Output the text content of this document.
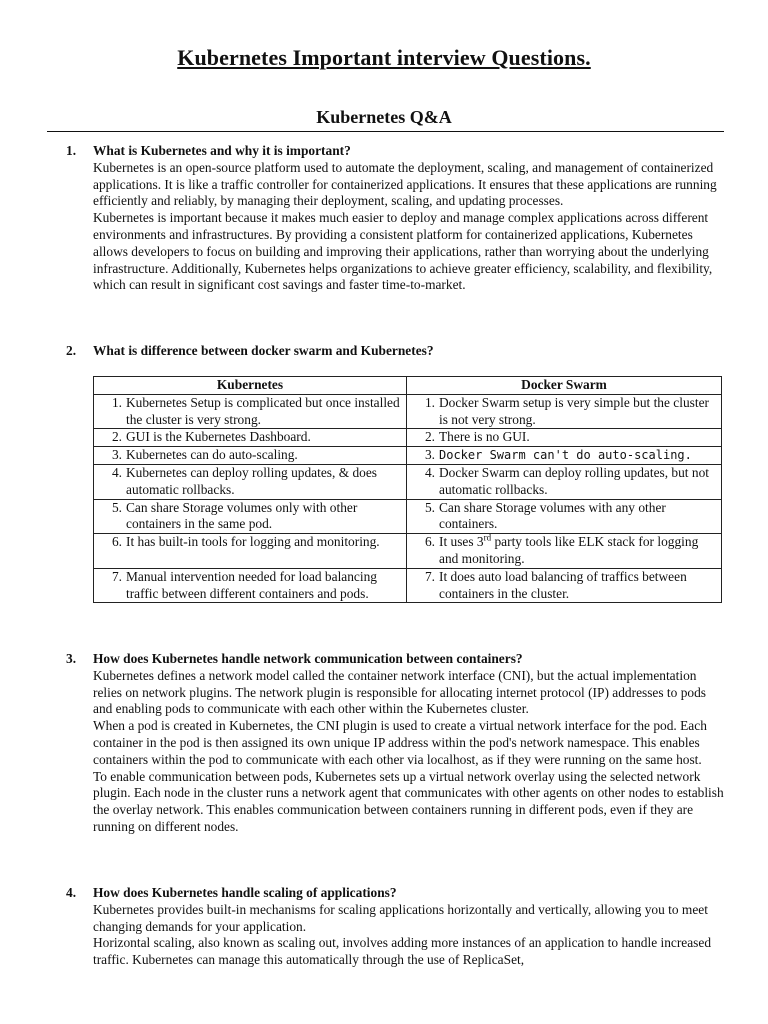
Kubernetes Important interview Questions.
Kubernetes Q&A
1. What is Kubernetes and why it is important?

Kubernetes is an open-source platform used to automate the deployment, scaling, and management of containerized applications. It is like a traffic controller for containerized applications. It ensures that these applications are running efficiently and reliably, by managing their deployment, scaling, and updating processes.

Kubernetes is important because it makes much easier to deploy and manage complex applications across different environments and infrastructures. By providing a consistent platform for containerized applications, Kubernetes allows developers to focus on building and improving their applications, rather than worrying about the underlying infrastructure. Additionally, Kubernetes helps organizations to achieve greater efficiency, scalability, and flexibility, which can result in significant cost savings and faster time-to-market.

2. What is difference between docker swarm and Kubernetes?
Kubernetes	Docker Swarm

1. Kubernetes Setup is complicated but once installed the cluster is very strong.	1. Docker Swarm setup is very simple but the cluster is not very strong.

2. GUI is the Kubernetes Dashboard.	2. There is no GUI.

3. Kubernetes can do auto-scaling.	3. Docker Swarm can't do auto-scaling.

4. Kubernetes can deploy rolling updates, & does automatic rollbacks.	4. Docker Swarm can deploy rolling updates, but not automatic rollbacks.

5. Can share Storage volumes only with other containers in the same pod.	5. Can share Storage volumes with any other containers.

6. It has built-in tools for logging and monitoring.	6. It uses 3rd party tools like ELK stack for logging and monitoring.

7. Manual intervention needed for load balancing traffic between different containers and pods.	7. It does auto load balancing of traffics between containers in the cluster.
3. How does Kubernetes handle network communication between containers?

Kubernetes defines a network model called the container network interface (CNI), but the actual implementation relies on network plugins. The network plugin is responsible for allocating internet protocol (IP) addresses to pods and enabling pods to communicate with each other within the Kubernetes cluster.

When a pod is created in Kubernetes, the CNI plugin is used to create a virtual network interface for the pod. Each container in the pod is then assigned its own unique IP address within the pod's network namespace. This enables containers within the pod to communicate with each other via localhost, as if they were running on the same host.

To enable communication between pods, Kubernetes sets up a virtual network overlay using the selected network plugin. Each node in the cluster runs a network agent that communicates with other agents on other nodes to establish the overlay network. This enables communication between containers running in different pods, even if they are running on different nodes.

4. How does Kubernetes handle scaling of applications?

Kubernetes provides built-in mechanisms for scaling applications horizontally and vertically, allowing you to meet changing demands for your application.

Horizontal scaling, also known as scaling out, involves adding more instances of an application to handle increased traffic. Kubernetes can manage this automatically through the use of ReplicaSet,
